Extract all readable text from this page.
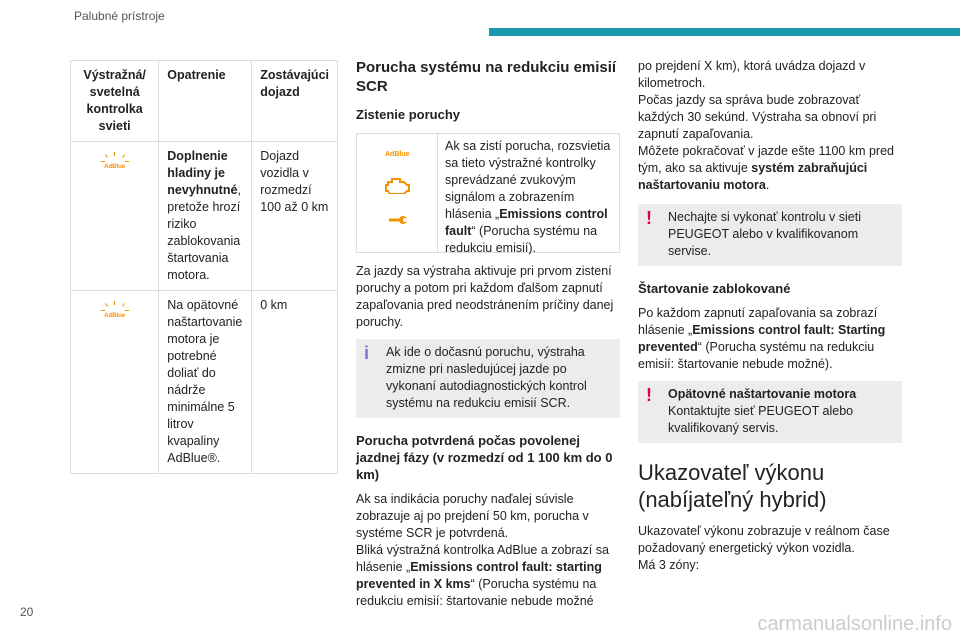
Palubné prístroje
Výstražná/ svetelná kontrolka svieti	Opatrenie	Zostávajúci dojazd

AdBlue	Doplnenie hladiny je nevyhnutné, pretože hrozí riziko zablokovania štartovania motora.	Dojazd vozidla v rozmedzí 100 až 0 km

AdBlue	Na opätovné naštartovanie motora je potrebné doliať do nádrže minimálne 5 litrov kvapaliny AdBlue®.	0 km
Porucha systému na redukciu emisií SCR
Zistenie poruchy
AdBlue
Ak sa zistí porucha, rozsvietia sa tieto výstražné kontrolky sprevádzané zvukovým signálom a zobrazením hlásenia „Emissions control fault“ (Porucha systému na redukciu emisií).
Za jazdy sa výstraha aktivuje pri prvom zistení poruchy a potom pri každom ďalšom zapnutí zapaľovania pred neodstránením príčiny danej poruchy.
i	Ak ide o dočasnú poruchu, výstraha zmizne pri nasledujúcej jazde po vykonaní autodiagnostických kontrol systému na redukciu emisií SCR.
Porucha potvrdená počas povolenej jazdnej fázy (v rozmedzí od 1 100 km do 0 km)
Ak sa indikácia poruchy naďalej súvisle zobrazuje aj po prejdení 50 km, porucha v systéme SCR je potvrdená.
Bliká výstražná kontrolka AdBlue a zobrazí sa hlásenie „Emissions control fault: starting prevented in X kms“ (Porucha systému na redukciu emisií: štartovanie nebude možné
po prejdení X km), ktorá uvádza dojazd v kilometroch.
Počas jazdy sa správa bude zobrazovať každých 30 sekúnd. Výstraha sa obnoví pri zapnutí zapaľovania.
Môžete pokračovať v jazde ešte 1100 km pred tým, ako sa aktivuje systém zabraňujúci naštartovaniu motora.
!	Nechajte si vykonať kontrolu v sieti PEUGEOT alebo v kvalifikovanom servise.
Štartovanie zablokované
Po každom zapnutí zapaľovania sa zobrazí hlásenie „Emissions control fault: Starting prevented“ (Porucha systému na redukciu emisií: štartovanie nebude možné).
!	Opätovné naštartovanie motora
Kontaktujte sieť PEUGEOT alebo kvalifikovaný servis.
Ukazovateľ výkonu (nabíjateľný hybrid)
Ukazovateľ výkonu zobrazuje v reálnom čase požadovaný energetický výkon vozidla.
Má 3 zóny:
20
carmanualsonline.info
